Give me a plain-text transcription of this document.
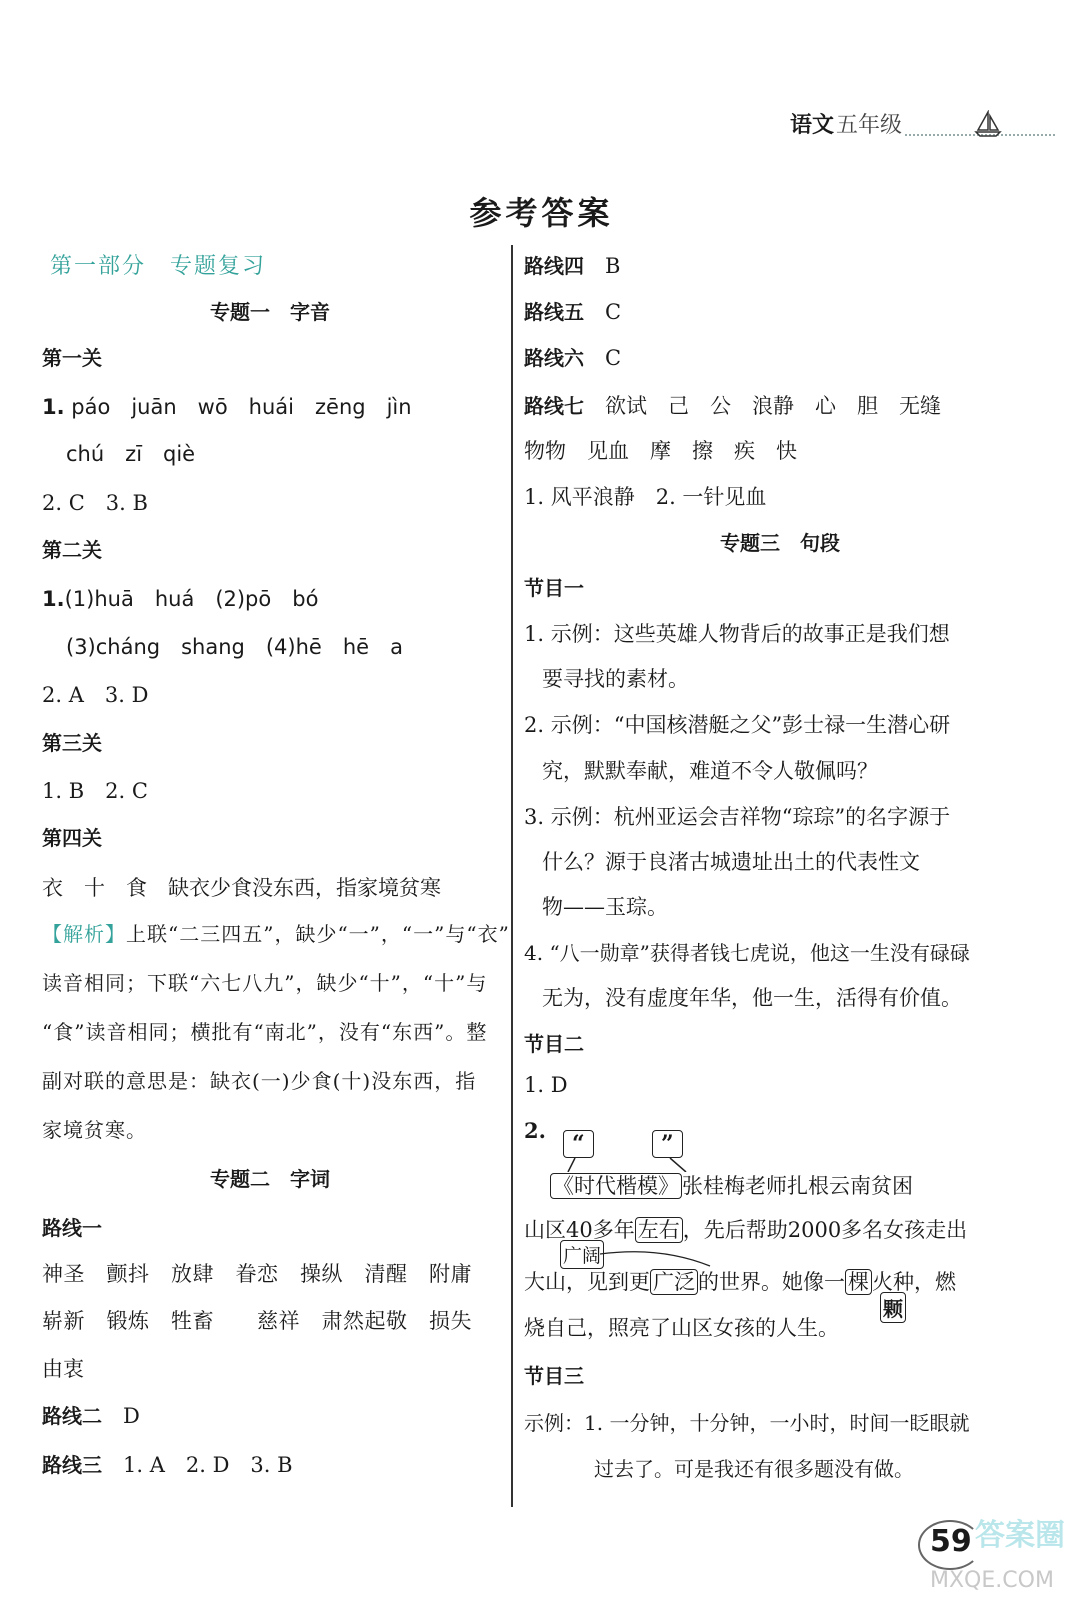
语文 五年级
参考答案
第一部分　专题复习
专题一　字音
第一关
1. páo　juān　wō　huái　zēng　jìn
chú　zī　qiè
2. C　3. B
第二关
1.(1)huā　huá　(2)pō　bó
(3)cháng　shang　(4)hē　hē　a
2. A　3. D
第三关
1. B　2. C
第四关
衣　十　食　缺衣少食没东西，指家境贫寒
【解析】上联“二三四五”，缺少“一”，“一”与“衣”
读音相同；下联“六七八九”，缺少“十”，“十”与
“食”读音相同；横批有“南北”，没有“东西”。整
副对联的意思是：缺衣(一)少食(十)没东西，指
家境贫寒。
专题二　字词
路线一
神圣　颤抖　放肆　眷恋　操纵　清醒　附庸
崭新　锻炼　牲畜　　慈祥　肃然起敬　损失
由衷
路线二　 D
路线三　 1. A　2. D　3. B
路线四　 B
路线五　 C
路线六　 C
路线七　 欲试　己　公　浪静　心　胆　无缝
物物　见血　摩　擦　疾　快
1. 风平浪静　2. 一针见血
专题三　句段
节目一
1. 示例：这些英雄人物背后的故事正是我们想
要寻找的素材。
2. 示例：“中国核潜艇之父”彭士禄一生潜心研
究，默默奉献，难道不令人敬佩吗？
3. 示例：杭州亚运会吉祥物“琮琮”的名字源于
什么？源于良渚古城遗址出土的代表性文
物——玉琮。
4. “八一勋章”获得者钱七虎说，他这一生没有碌碌
无为，没有虚度年华，他一生，活得有价值。
节目二
1. D
2.
“	”
《时代楷模》 张桂梅老师扎根云南贫困
山区40多年 左右 ，先后帮助2000多名女孩走出
广阔
大山，见到更 广泛 的世界。她像一 棵 火种，燃
颗
烧自己，照亮了山区女孩的人生。
节目三
示例：1. 一分钟，十分钟，一小时，时间一眨眼就
过去了。可是我还有很多题没有做。
59 答案圈
MXQE.COM
